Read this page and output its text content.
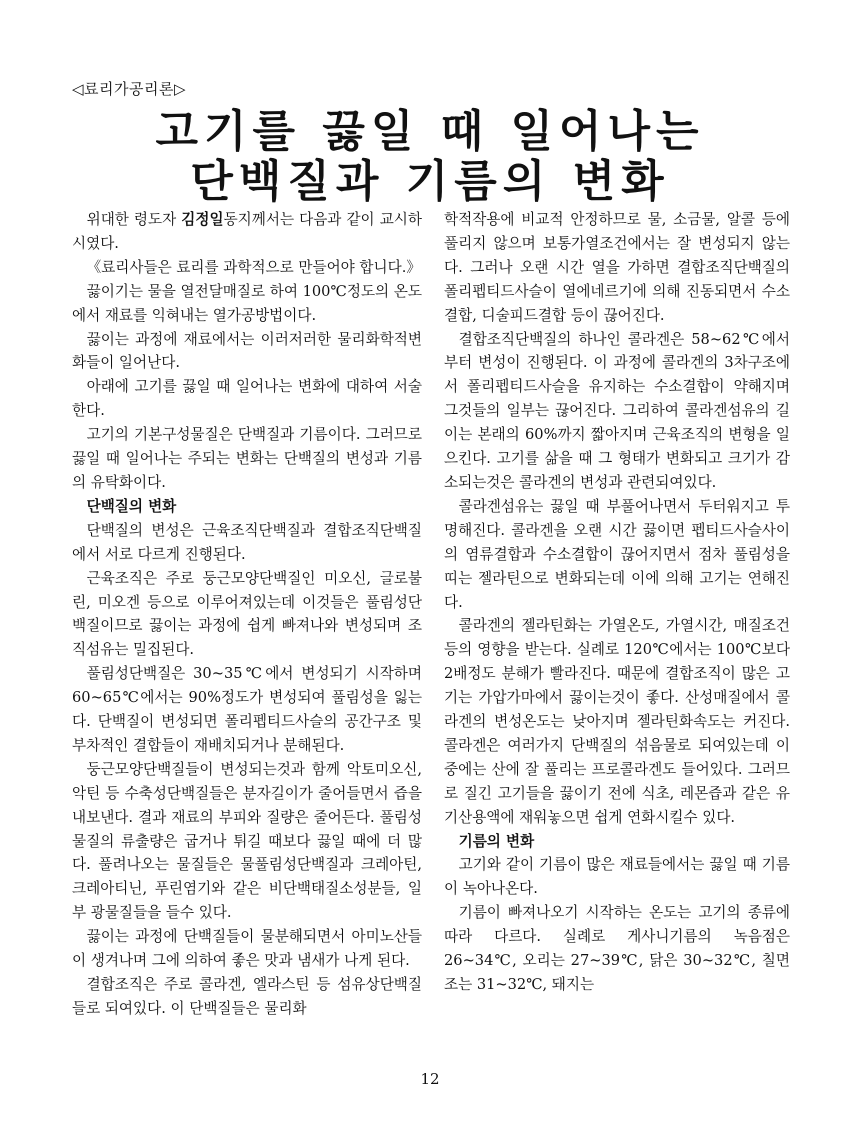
◁료리가공리론▷
고기를 끓일 때 일어나는
단백질과 기름의 변화

위대한 령도자 김정일동지께서는 다음과 같이 교시하시였다.

《료리사들은 료리를 과학적으로 만들어야 합니다.》

끓이기는 물을 열전달매질로 하여 100℃정도의 온도에서 재료를 익혀내는 열가공방법이다.

끓이는 과정에 재료에서는 이러저러한 물리화학적변화들이 일어난다.

아래에 고기를 끓일 때 일어나는 변화에 대하여 서술한다.

고기의 기본구성물질은 단백질과 기름이다. 그러므로 끓일 때 일어나는 주되는 변화는 단백질의 변성과 기름의 유탁화이다.

단백질의 변화

단백질의 변성은 근육조직단백질과 결합조직단백질에서 서로 다르게 진행된다.

근육조직은 주로 둥근모양단백질인 미오신, 글로불린, 미오겐 등으로 이루어져있는데 이것들은 풀림성단백질이므로 끓이는 과정에 쉽게 빠져나와 변성되며 조직섬유는 밀집된다.

풀림성단백질은 30~35℃에서 변성되기 시작하며 60~65℃에서는 90%정도가 변성되여 풀림성을 잃는다. 단백질이 변성되면 폴리펩티드사슬의 공간구조 및 부차적인 결합들이 재배치되거나 분해된다.

둥근모양단백질들이 변성되는것과 함께 악토미오신, 악틴 등 수축성단백질들은 분자길이가 줄어들면서 즙을 내보낸다. 결과 재료의 부피와 질량은 줄어든다. 풀림성물질의 류출량은 굽거나 튀길 때보다 끓일 때에 더 많다. 풀려나오는 물질들은 물풀림성단백질과 크레아틴, 크레아티닌, 푸린염기와 같은 비단백태질소성분들, 일부 광물질들을 들수 있다.

끓이는 과정에 단백질들이 물분해되면서 아미노산들이 생겨나며 그에 의하여 좋은 맛과 냄새가 나게 된다.

결합조직은 주로 콜라겐, 엘라스틴 등 섬유상단백질들로 되여있다. 이 단백질들은 물리화

학적작용에 비교적 안정하므로 물, 소금물, 알콜 등에 풀리지 않으며 보통가열조건에서는 잘 변성되지 않는다. 그러나 오랜 시간 열을 가하면 결합조직단백질의 폴리펩티드사슬이 열에네르기에 의해 진동되면서 수소결합, 디술피드결합 등이 끊어진다.

결합조직단백질의 하나인 콜라겐은 58~62℃에서부터 변성이 진행된다. 이 과정에 콜라겐의 3차구조에서 폴리펩티드사슬을 유지하는 수소결합이 약해지며 그것들의 일부는 끊어진다. 그리하여 콜라겐섬유의 길이는 본래의 60%까지 짧아지며 근육조직의 변형을 일으킨다. 고기를 삶을 때 그 형태가 변화되고 크기가 감소되는것은 콜라겐의 변성과 관련되여있다.

콜라겐섬유는 끓일 때 부풀어나면서 두터워지고 투명해진다. 콜라겐을 오랜 시간 끓이면 펩티드사슬사이의 염류결합과 수소결합이 끊어지면서 점차 풀림성을 띠는 젤라틴으로 변화되는데 이에 의해 고기는 연해진다.

콜라겐의 젤라틴화는 가열온도, 가열시간, 매질조건 등의 영향을 받는다. 실례로 120℃에서는 100℃보다 2배정도 분해가 빨라진다. 때문에 결합조직이 많은 고기는 가압가마에서 끓이는것이 좋다. 산성매질에서 콜라겐의 변성온도는 낮아지며 젤라틴화속도는 커진다. 콜라겐은 여러가지 단백질의 섞음물로 되여있는데 이중에는 산에 잘 풀리는 프로콜라겐도 들어있다. 그러므로 질긴 고기들을 끓이기 전에 식초, 레몬즙과 같은 유기산용액에 재워놓으면 쉽게 연화시킬수 있다.

기름의 변화

고기와 같이 기름이 많은 재료들에서는 끓일 때 기름이 녹아나온다.

기름이 빠져나오기 시작하는 온도는 고기의 종류에 따라 다르다. 실례로 게사니기름의 녹음점은 26~34℃, 오리는 27~39℃, 닭은 30~32℃, 칠면조는 31~32℃, 돼지는

12
